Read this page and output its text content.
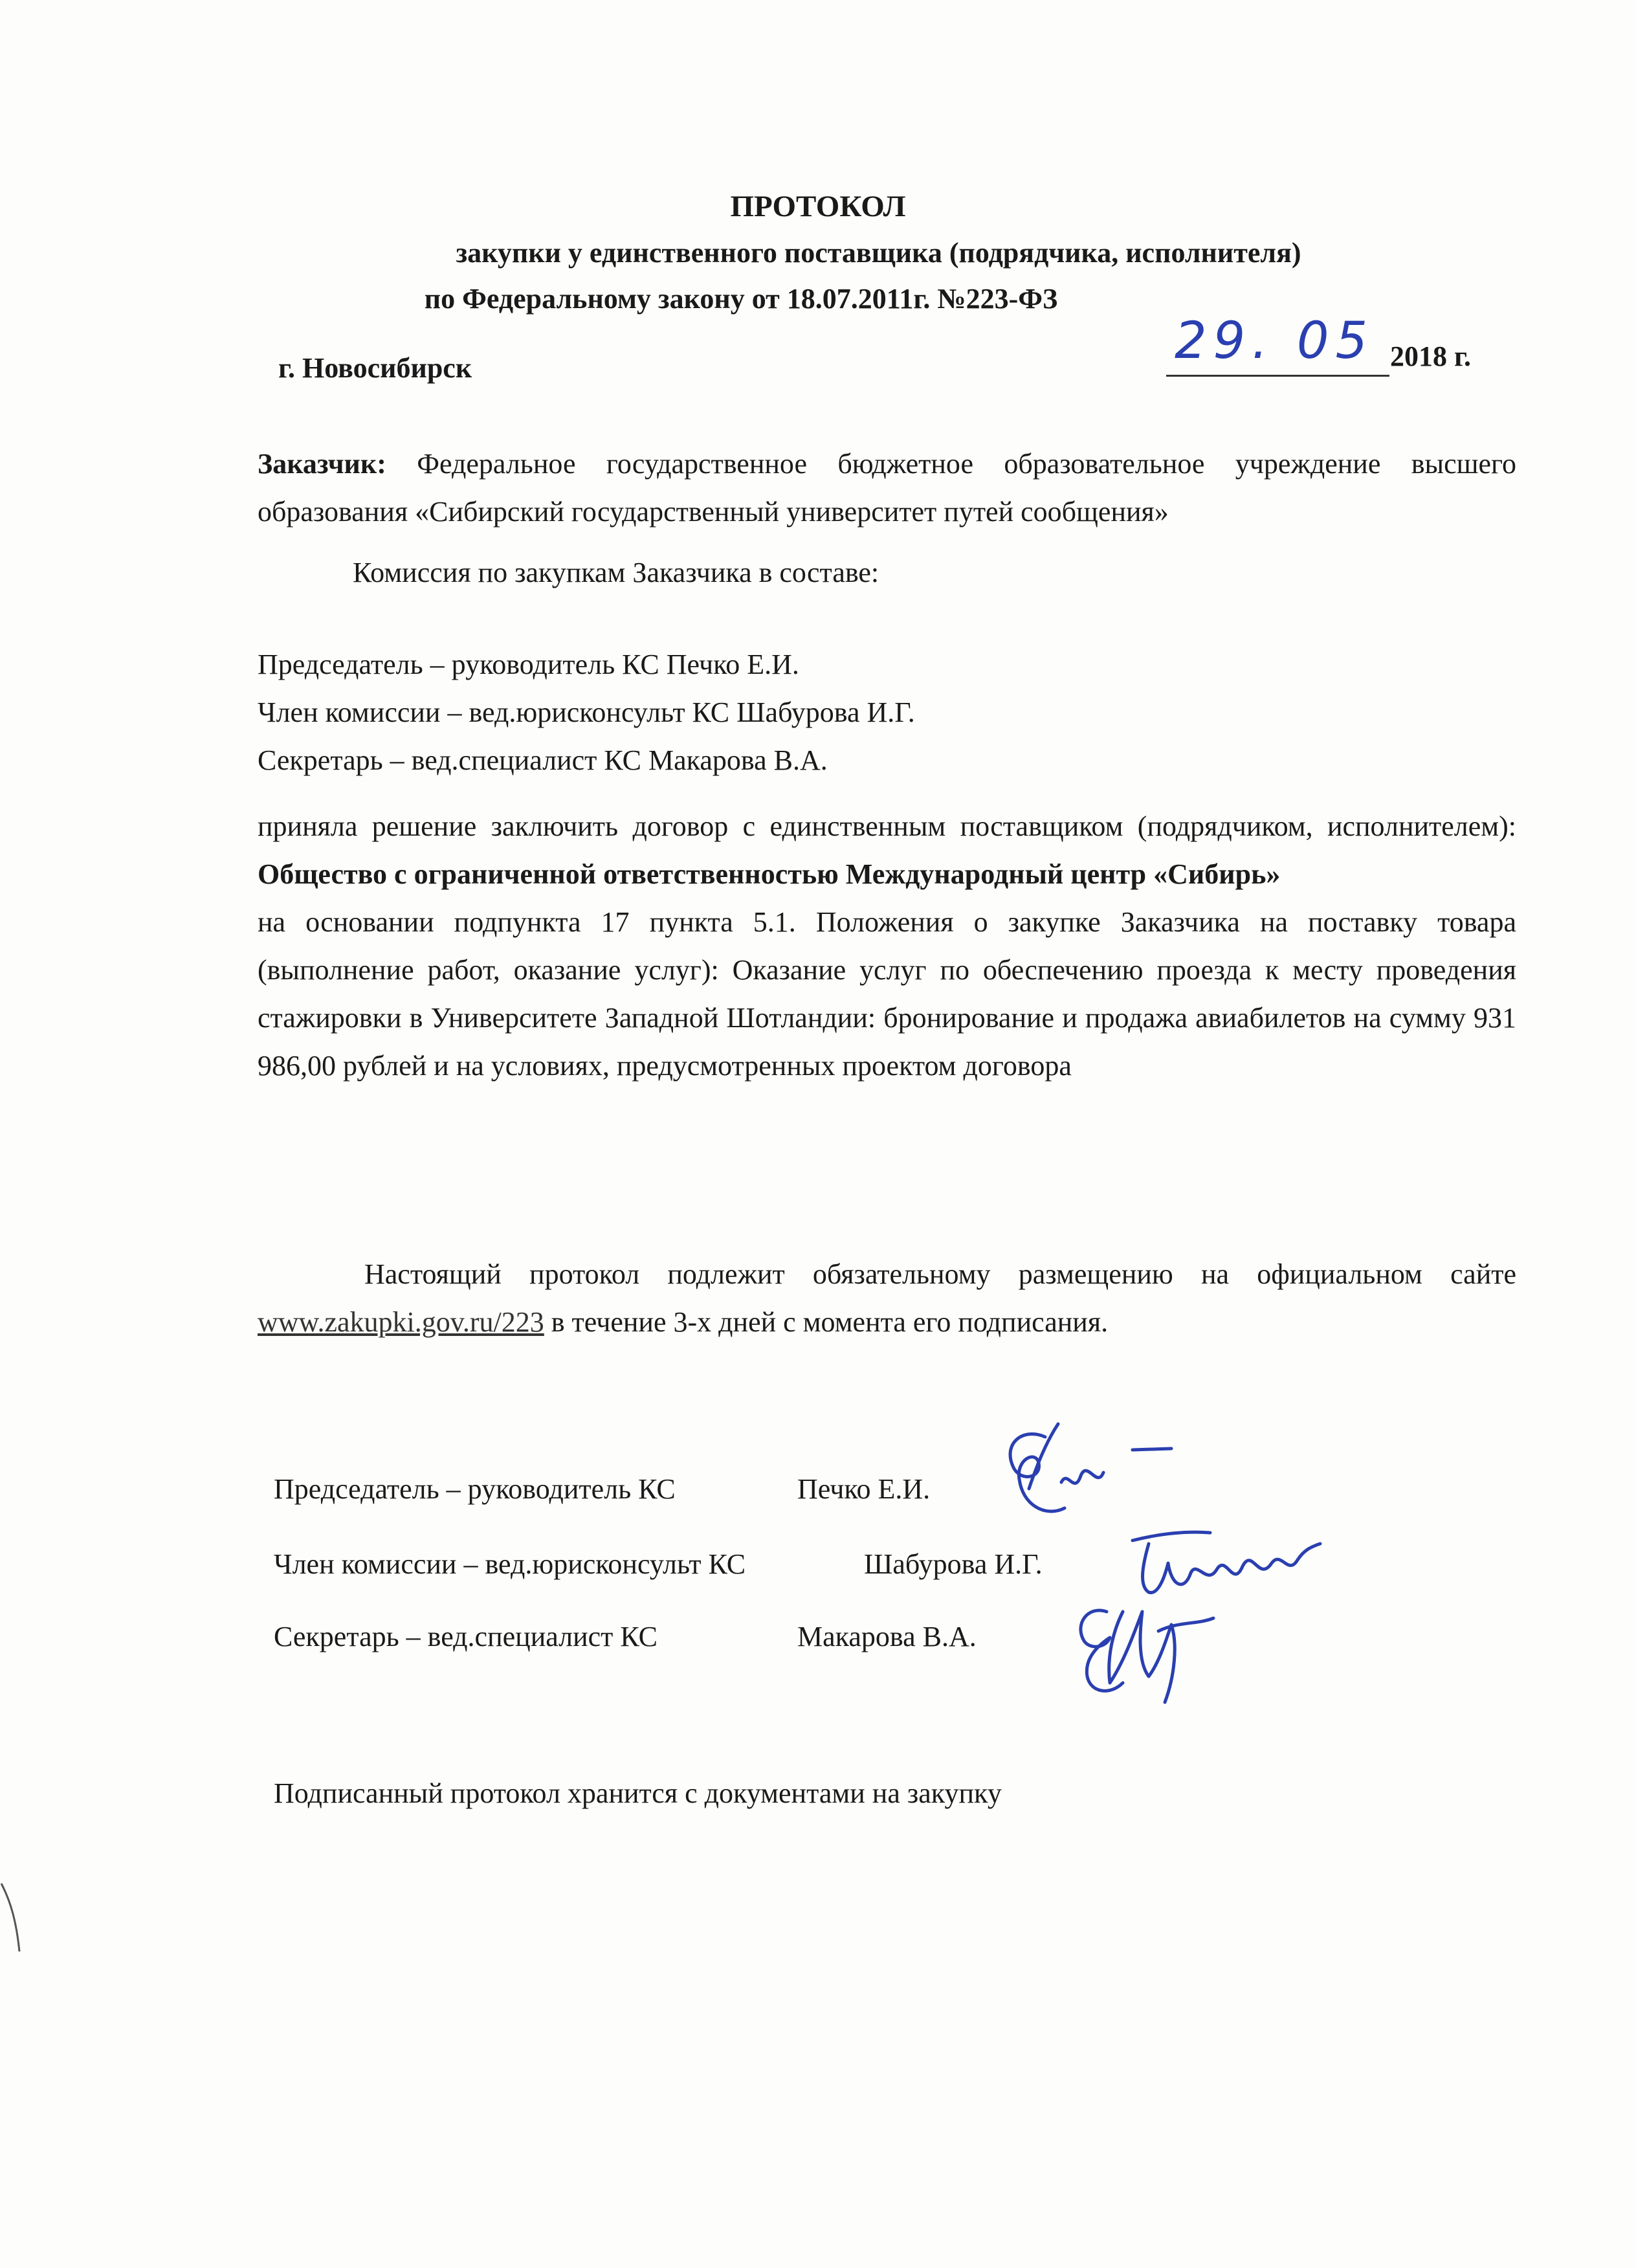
ПРОТОКОЛ
закупки у единственного поставщика (подрядчика, исполнителя)
по Федеральному закону от 18.07.2011г. №223-ФЗ
г. Новосибирск	29. 05 2018 г.
Заказчик: Федеральное государственное бюджетное образовательное учреждение высшего образования «Сибирский государственный университет путей сообщения»
Комиссия по закупкам Заказчика в составе:
Председатель – руководитель КС Печко Е.И.
Член комиссии – вед.юрисконсульт КС Шабурова И.Г.
Секретарь – вед.специалист КС Макарова В.А.
приняла решение заключить договор с единственным поставщиком (подрядчиком, исполнителем): Общество с ограниченной ответственностью Международный центр «Сибирь»
на основании подпункта 17 пункта 5.1. Положения о закупке Заказчика на поставку товара (выполнение работ, оказание услуг): Оказание услуг по обеспечению проезда к месту проведения стажировки в Университете Западной Шотландии: бронирование и продажа авиабилетов на сумму 931 986,00 рублей и на условиях, предусмотренных проектом договора
Настоящий протокол подлежит обязательному размещению на официальном сайте www.zakupki.gov.ru/223 в течение 3-х дней с момента его подписания.
Председатель – руководитель КС	Печко Е.И.
Член комиссии – вед.юрисконсульт КС	Шабурова И.Г.
Секретарь – вед.специалист КС	Макарова В.А.
Подписанный протокол хранится с документами на закупку
